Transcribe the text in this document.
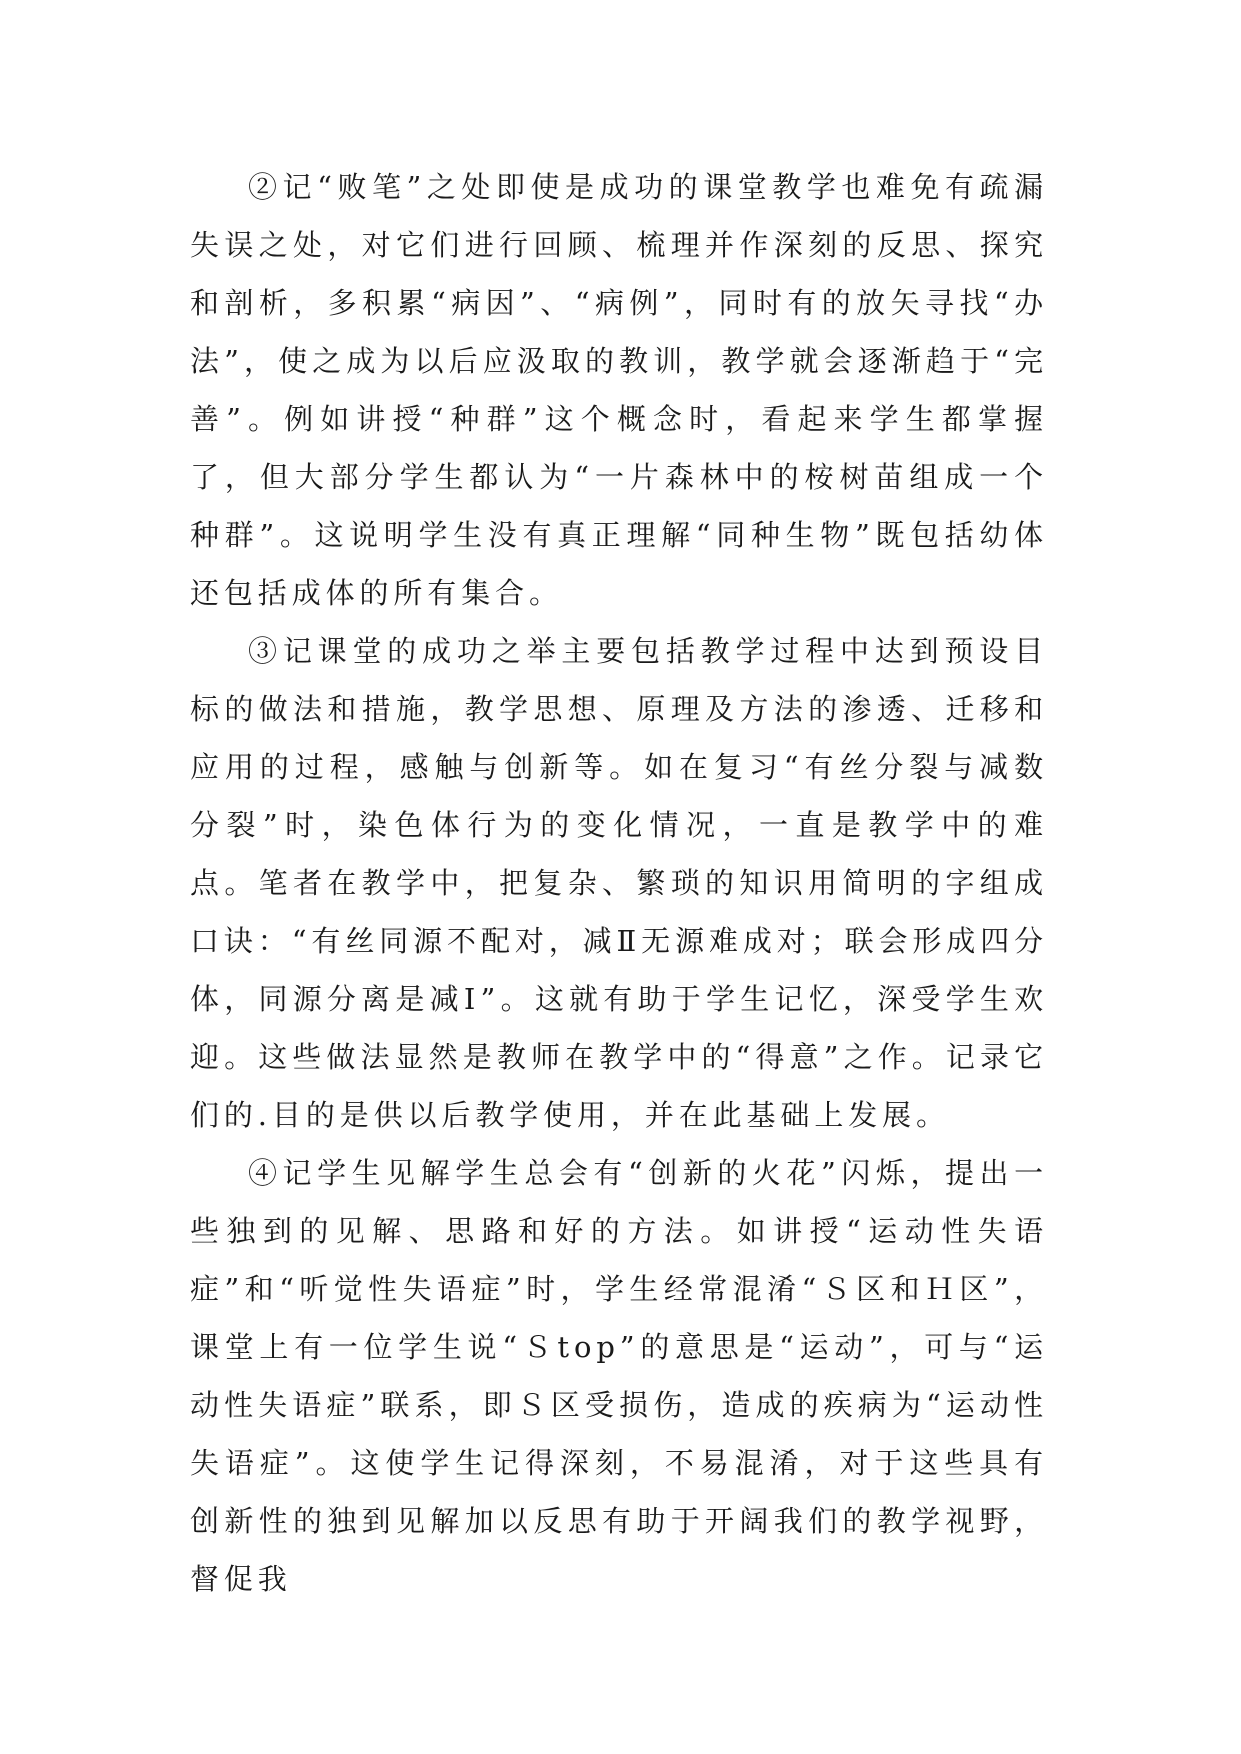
②记“败笔”之处即使是成功的课堂教学也难免有疏漏失误之处，对它们进行回顾、梳理并作深刻的反思、探究和剖析，多积累“病因”、“病例”，同时有的放矢寻找“办法”，使之成为以后应汲取的教训，教学就会逐渐趋于“完善”。例如讲授“种群”这个概念时，看起来学生都掌握了，但大部分学生都认为“一片森林中的桉树苗组成一个种群”。这说明学生没有真正理解“同种生物”既包括幼体还包括成体的所有集合。

③记课堂的成功之举主要包括教学过程中达到预设目标的做法和措施，教学思想、原理及方法的渗透、迁移和应用的过程，感触与创新等。如在复习“有丝分裂与减数分裂”时，染色体行为的变化情况，一直是教学中的难点。笔者在教学中，把复杂、繁琐的知识用简明的字组成口诀：“有丝同源不配对，减Ⅱ无源难成对；联会形成四分体，同源分离是减Ⅰ”。这就有助于学生记忆，深受学生欢迎。这些做法显然是教师在教学中的“得意”之作。记录它们的.目的是供以后教学使用，并在此基础上发展。

④记学生见解学生总会有“创新的火花”闪烁，提出一些独到的见解、思路和好的方法。如讲授“运动性失语症”和“听觉性失语症”时，学生经常混淆“Ｓ区和Ｈ区”，课堂上有一位学生说“Ｓtop”的意思是“运动”，可与“运动性失语症”联系，即Ｓ区受损伤，造成的疾病为“运动性失语症”。这使学生记得深刻，不易混淆，对于这些具有创新性的独到见解加以反思有助于开阔我们的教学视野，督促我
